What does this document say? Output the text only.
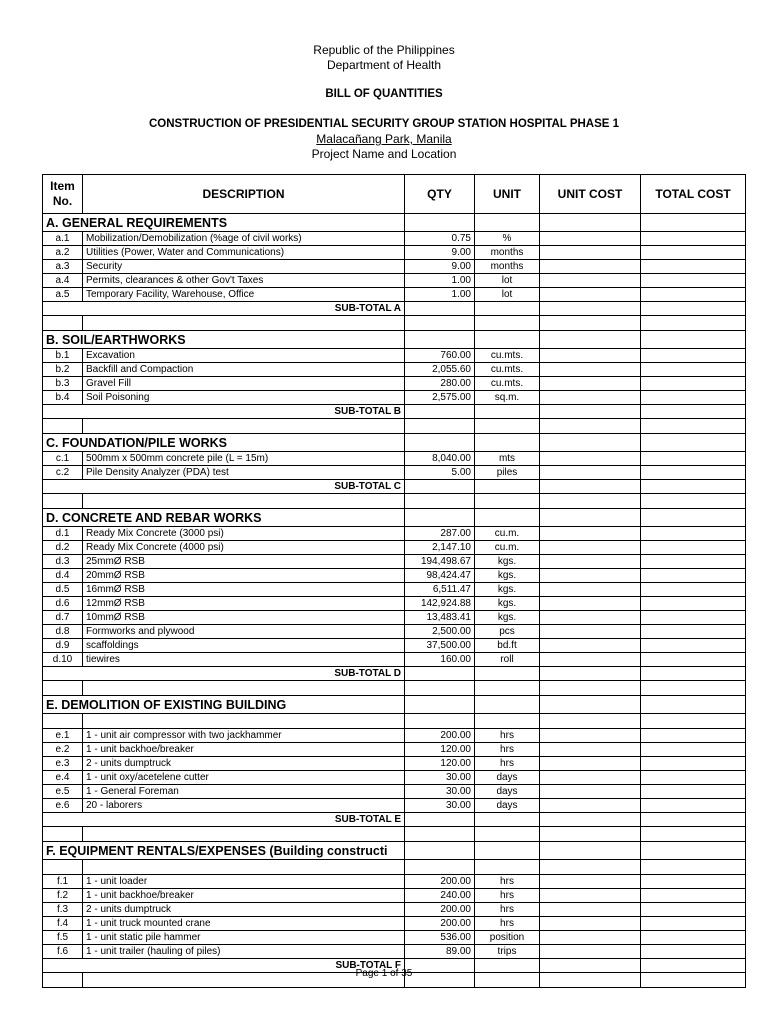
Republic of the Philippines
Department of Health
BILL OF QUANTITIES
CONSTRUCTION OF PRESIDENTIAL SECURITY GROUP STATION HOSPITAL PHASE 1
Malacañang Park, Manila
Project Name and Location
Item No.	DESCRIPTION	QTY	UNIT	UNIT COST	TOTAL COST
A. GENERAL REQUIREMENTS					
a.1	Mobilization/Demobilization (%age of civil works)	0.75	%		
a.2	Utilities (Power, Water and Communications)	9.00	months		
a.3	Security	9.00	months		
a.4	Permits, clearances & other Gov't Taxes	1.00	lot		
a.5	Temporary Facility, Warehouse, Office	1.00	lot		
SUB-TOTAL A					

B. SOIL/EARTHWORKS					
b.1	Excavation	760.00	cu.mts.		
b.2	Backfill and Compaction	2,055.60	cu.mts.		
b.3	Gravel Fill	280.00	cu.mts.		
b.4	Soil Poisoning	2,575.00	sq.m.		
SUB-TOTAL B					

C. FOUNDATION/PILE WORKS					
c.1	500mm x 500mm concrete pile (L = 15m)	8,040.00	mts		
c.2	Pile Density Analyzer (PDA) test	5.00	piles		
SUB-TOTAL C					

D. CONCRETE AND REBAR WORKS					
d.1	Ready Mix Concrete (3000 psi)	287.00	cu.m.		
d.2	Ready Mix Concrete (4000 psi)	2,147.10	cu.m.		
d.3	25mmØ RSB	194,498.67	kgs.		
d.4	20mmØ RSB	98,424.47	kgs.		
d.5	16mmØ RSB	6,511.47	kgs.		
d.6	12mmØ RSB	142,924.88	kgs.		
d.7	10mmØ RSB	13,483.41	kgs.		
d.8	Formworks and plywood	2,500.00	pcs		
d.9	scaffoldings	37,500.00	bd.ft		
d.10	tiewires	160.00	roll		
SUB-TOTAL D					

E. DEMOLITION OF EXISTING BUILDING					

e.1	1 - unit air compressor with two jackhammer	200.00	hrs		
e.2	1 - unit backhoe/breaker	120.00	hrs		
e.3	2 - units dumptruck	120.00	hrs		
e.4	1 - unit oxy/acetelene cutter	30.00	days		
e.5	1 - General Foreman	30.00	days		
e.6	20 - laborers	30.00	days		
SUB-TOTAL E					

F. EQUIPMENT RENTALS/EXPENSES (Building constructi					

f.1	1 - unit loader	200.00	hrs		
f.2	1 - unit backhoe/breaker	240.00	hrs		
f.3	2 - units dumptruck	200.00	hrs		
f.4	1 - unit truck mounted crane	200.00	hrs		
f.5	1 - unit static pile hammer	536.00	position		
f.6	1 - unit trailer (hauling of piles)	89.00	trips		
SUB-TOTAL F					

Page 1 of 35
